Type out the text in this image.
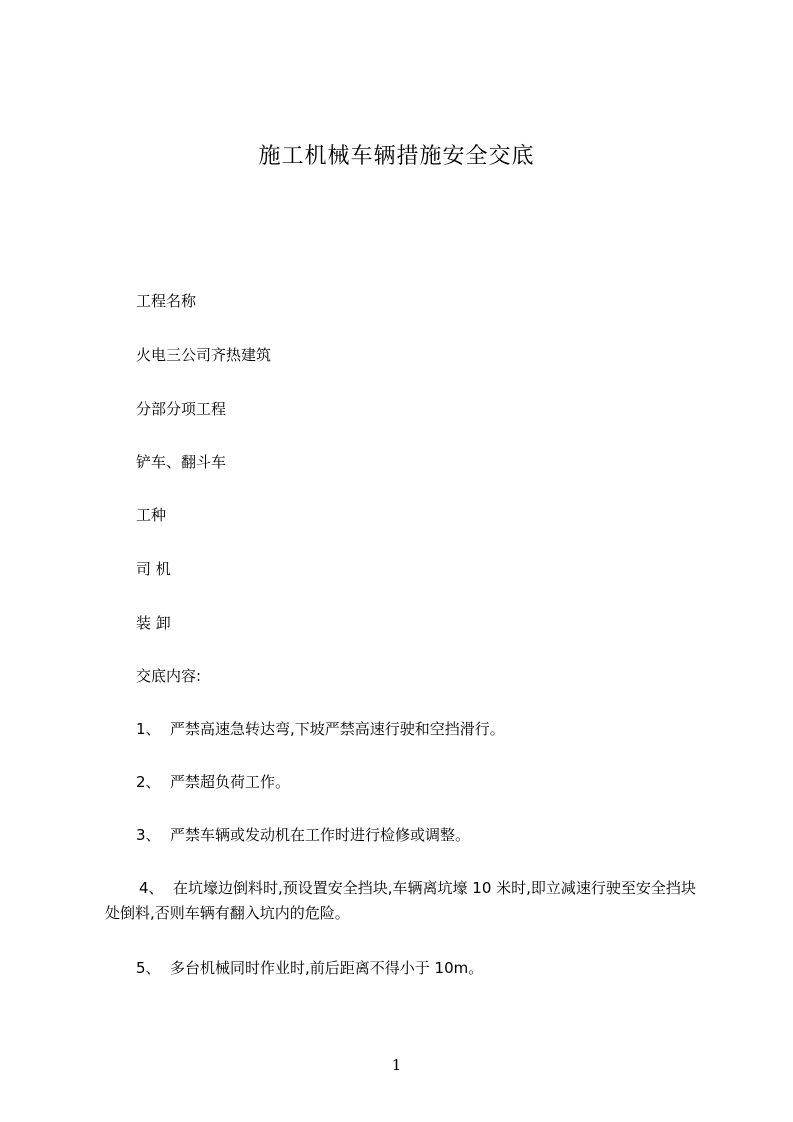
施工机械车辆措施安全交底
工程名称
火电三公司齐热建筑
分部分项工程
铲车、翻斗车
工种
司 机
装 卸
交底内容:
1、 严禁高速急转达弯,下坡严禁高速行驶和空挡滑行。
2、 严禁超负荷工作。
3、 严禁车辆或发动机在工作时进行检修或调整。
4、 在坑壕边倒料时,预设置安全挡块,车辆离坑壕 10 米时,即立减速行驶至安全挡块处倒料,否则车辆有翻入坑内的危险。
5、 多台机械同时作业时,前后距离不得小于 10m。
1
